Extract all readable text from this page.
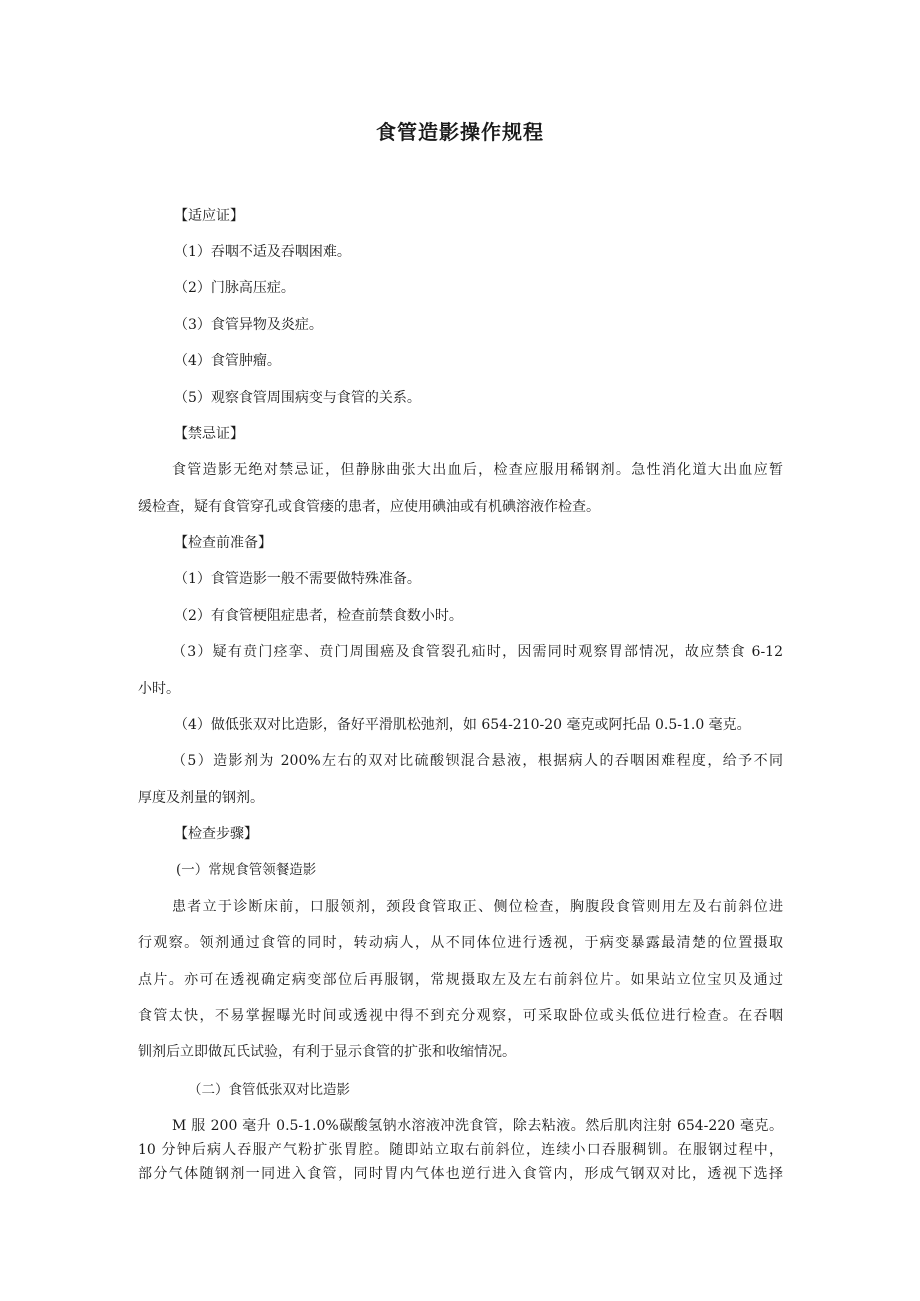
食管造影操作规程
【适应证】
（1）吞咽不适及吞咽困难。
（2）门脉高压症。
（3）食管异物及炎症。
（4）食管肿瘤。
（5）观察食管周围病变与食管的关系。
【禁忌证】
食管造影无绝对禁忌证，但静脉曲张大出血后，检查应服用稀钢剂。急性消化道大出血应暂
缓检查，疑有食管穿孔或食管瘘的患者，应使用碘油或有机碘溶液作检查。
【检查前准备】
（1）食管造影一般不需要做特殊准备。
（2）有食管梗阻症患者，检查前禁食数小时。
（3）疑有贲门痉挛、贲门周围癌及食管裂孔疝时，因需同时观察胃部情况，故应禁食 6-12
小时。
（4）做低张双对比造影，备好平滑肌松弛剂，如 654-210-20 毫克或阿托品 0.5-1.0 毫克。
（5）造影剂为 200%左右的双对比硫酸钡混合悬液，根据病人的吞咽困难程度，给予不同
厚度及剂量的钢剂。
【检查步骤】
(一）常规食管领餐造影
患者立于诊断床前，口服领剂，颈段食管取正、侧位检查，胸腹段食管则用左及右前斜位进
行观察。领剂通过食管的同时，转动病人，从不同体位进行透视，于病变暴露最清楚的位置摄取
点片。亦可在透视确定病变部位后再服钢，常规摄取左及左右前斜位片。如果站立位宝贝及通过
食管太快，不易掌握曝光时间或透视中得不到充分观察，可采取卧位或头低位进行检查。在吞咽
钏剂后立即做瓦氏试验，有利于显示食管的扩张和收缩情况。
（二）食管低张双对比造影
M 服 200 毫升 0.5-1.0%碳酸氢钠水溶液冲洗食管，除去粘液。然后肌肉注射 654-220 毫克。
10 分钟后病人吞服产气粉扩张胃腔。随即站立取右前斜位，连续小口吞服稠钏。在服钢过程中，
部分气体随钢剂一同进入食管，同时胃内气体也逆行进入食管内，形成气钢双对比，透视下选择
